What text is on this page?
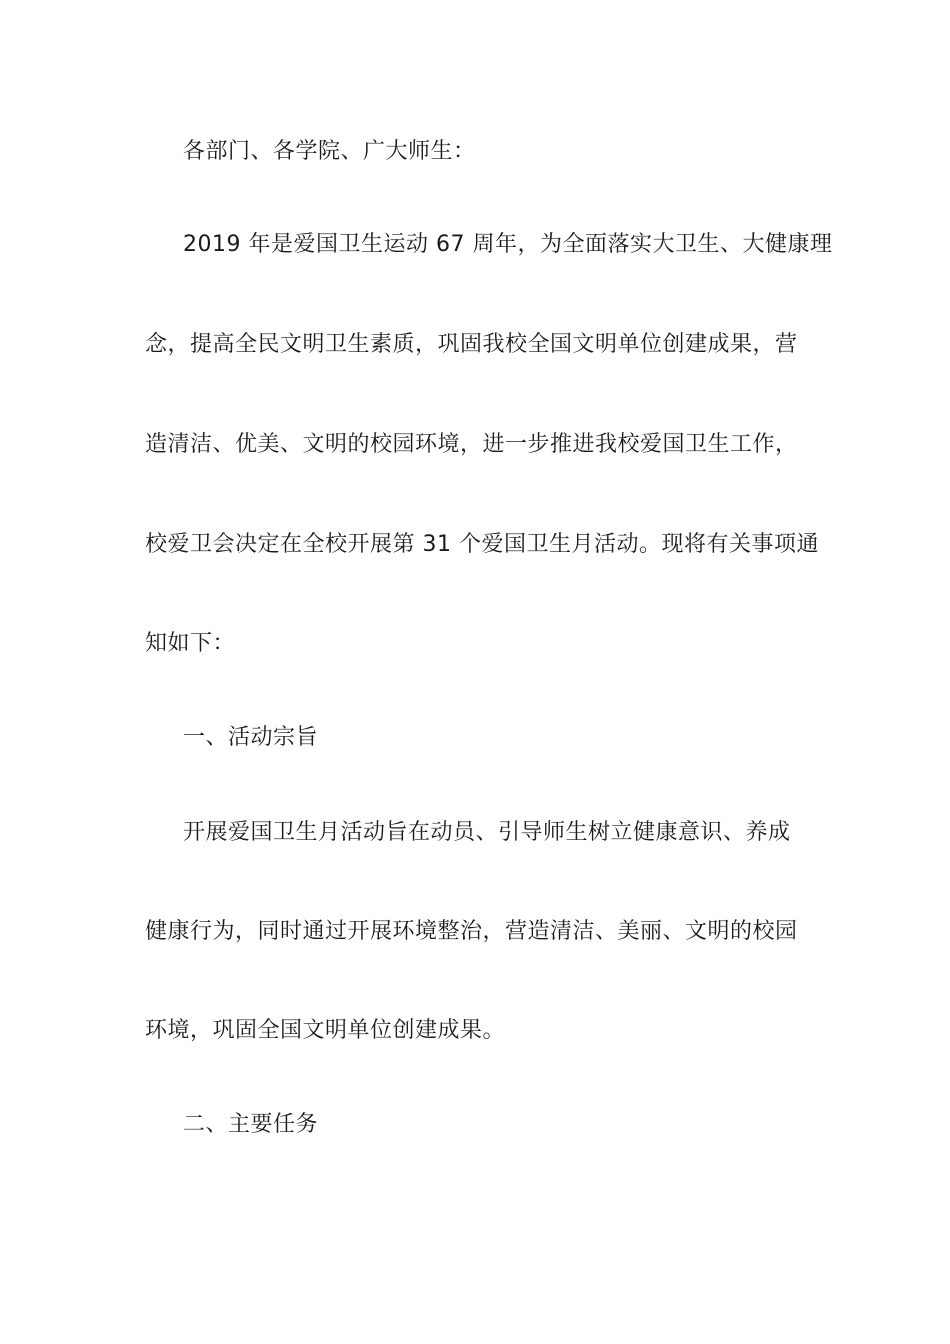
各部门、各学院、广大师生：
2019 年是爱国卫生运动 67 周年，为全面落实大卫生、大健康理
念，提高全民文明卫生素质，巩固我校全国文明单位创建成果，营
造清洁、优美、文明的校园环境，进一步推进我校爱国卫生工作，
校爱卫会决定在全校开展第 31 个爱国卫生月活动。现将有关事项通
知如下：
一、活动宗旨
开展爱国卫生月活动旨在动员、引导师生树立健康意识、养成
健康行为，同时通过开展环境整治，营造清洁、美丽、文明的校园
环境，巩固全国文明单位创建成果。
二、主要任务
